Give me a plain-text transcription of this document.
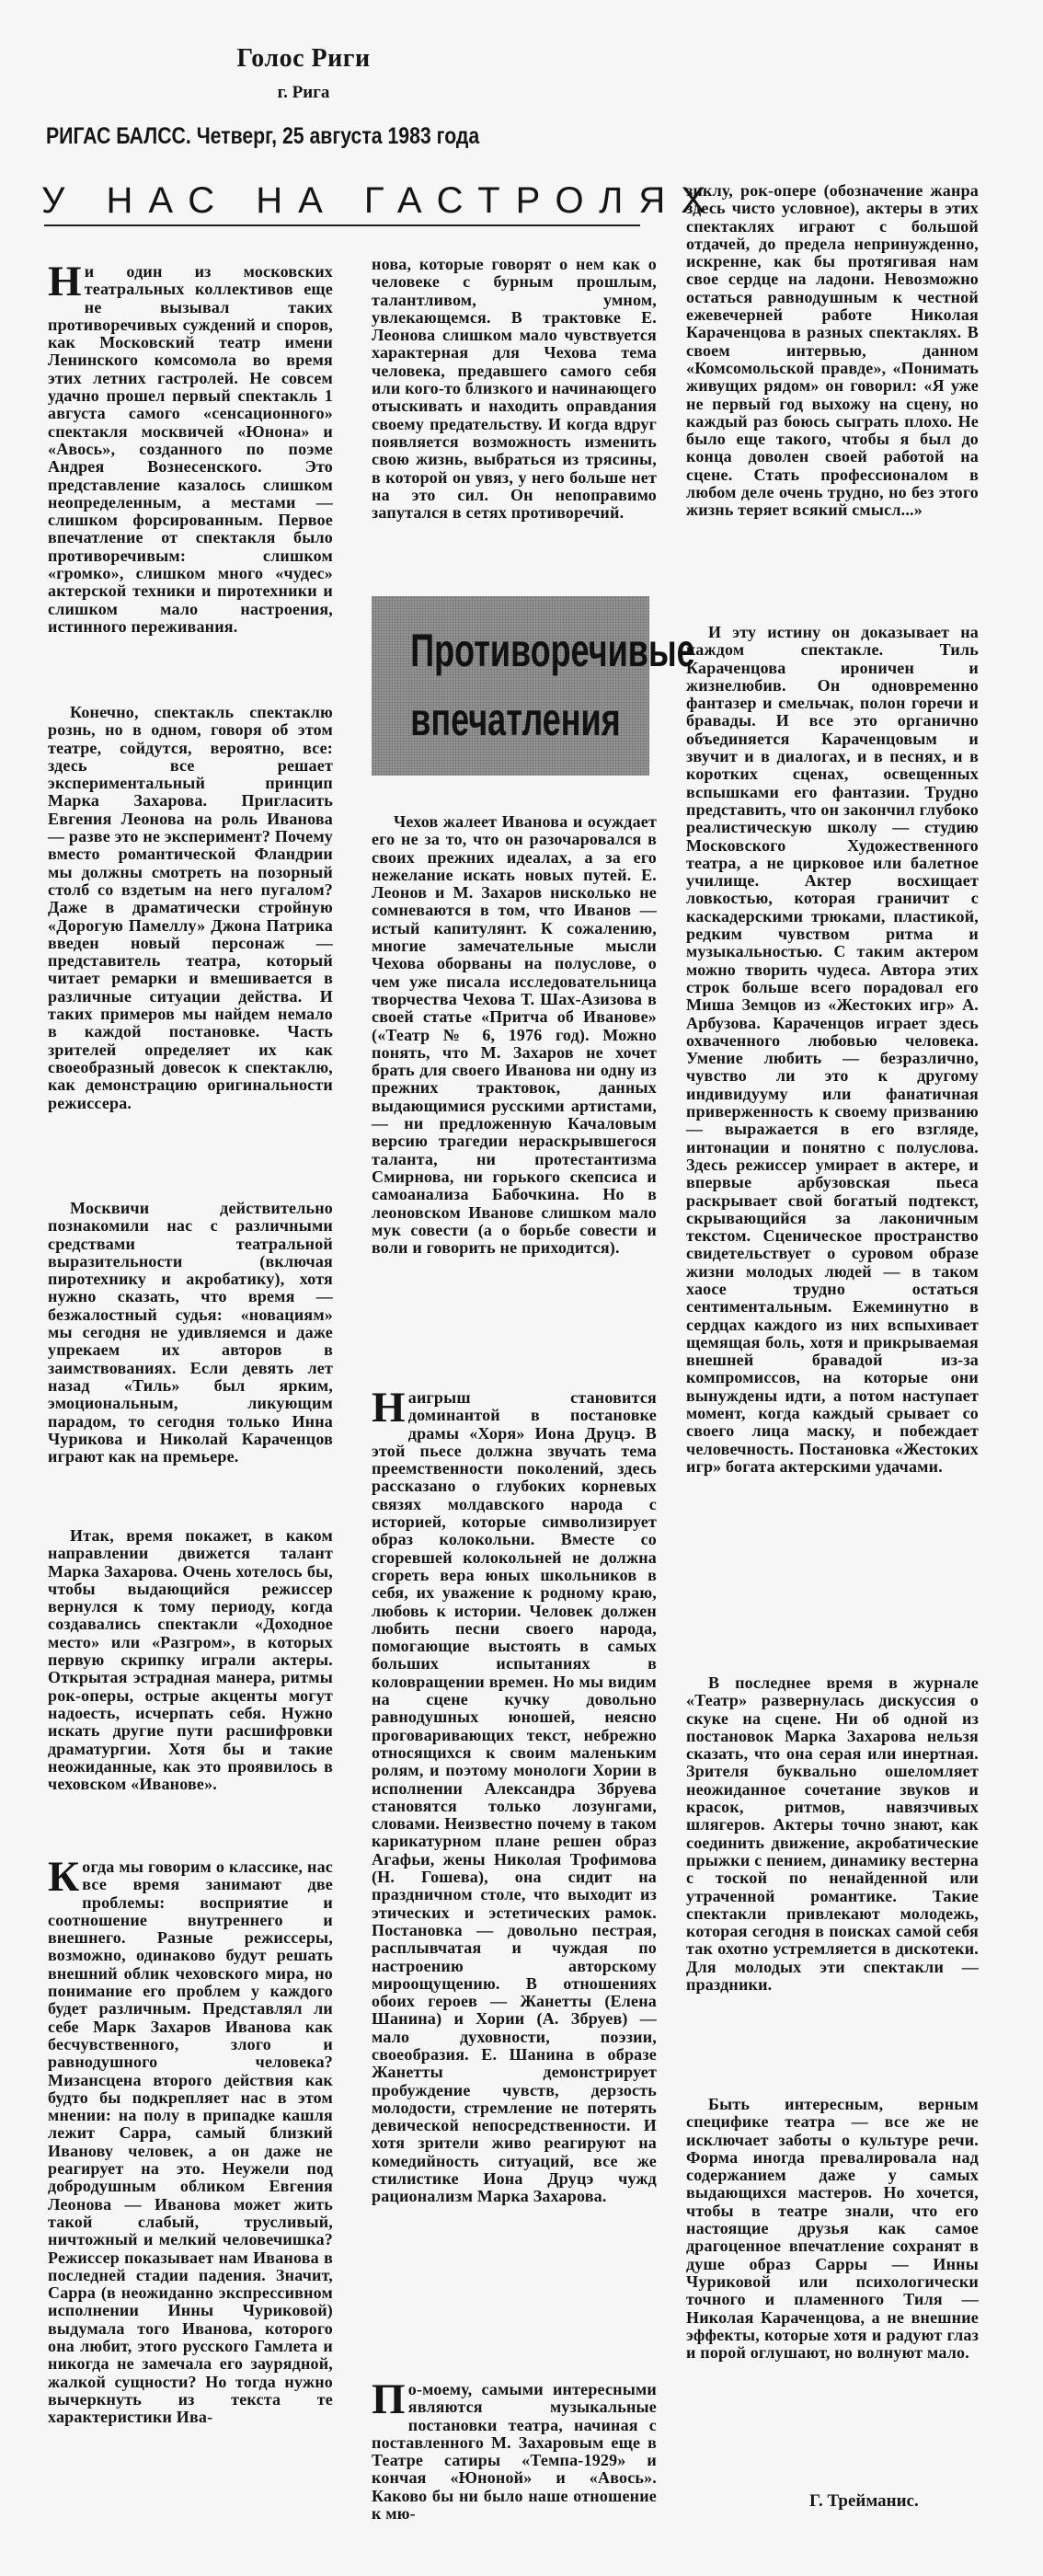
Голос Риги
г. Рига
РИГАС БАЛСС. Четверг, 25 августа 1983 года
У НАС НА ГАСТРОЛЯХ

Ни один из московских театральных коллективов еще не вызывал таких противоречивых суждений и споров, как Московский театр имени Ленинского комсомола во время этих летних гастролей. Не совсем удачно прошел первый спектакль 1 августа самого «сенсационного» спектакля москвичей «Юнона» и «Авось», созданного по поэме Андрея Вознесенского. Это представление казалось слишком неопределенным, а местами — слишком форсированным. Первое впечатление от спектакля было противоречивым: слишком «громко», слишком много «чудес» актерской техники и пиротехники и слишком мало настроения, истинного переживания.

Конечно, спектакль спектаклю рознь, но в одном, говоря об этом театре, сойдутся, вероятно, все: здесь все решает экспериментальный принцип Марка Захарова. Пригласить Евгения Леонова на роль Иванова — разве это не эксперимент? Почему вместо романтической Фландрии мы должны смотреть на позорный столб со вздетым на него пугалом? Даже в драматически стройную «Дорогую Памеллу» Джона Патрика введен новый персонаж — представитель театра, который читает ремарки и вмешивается в различные ситуации действа. И таких примеров мы найдем немало в каждой постановке. Часть зрителей определяет их как своеобразный довесок к спектаклю, как демонстрацию оригинальности режиссера.

Москвичи действительно познакомили нас с различными средствами театральной выразительности (включая пиротехнику и акробатику), хотя нужно сказать, что время — безжалостный судья: «новациям» мы сегодня не удивляемся и даже упрекаем их авторов в заимствованиях. Если девять лет назад «Тиль» был ярким, эмоциональным, ликующим парадом, то сегодня только Инна Чурикова и Николай Караченцов играют как на премьере.

Итак, время покажет, в каком направлении движется талант Марка Захарова. Очень хотелось бы, чтобы выдающийся режиссер вернулся к тому периоду, когда создавались спектакли «Доходное место» или «Разгром», в которых первую скрипку играли актеры. Открытая эстрадная манера, ритмы рок-оперы, острые акценты могут надоесть, исчерпать себя. Нужно искать другие пути расшифровки драматургии. Хотя бы и такие неожиданные, как это проявилось в чеховском «Иванове».

Когда мы говорим о классике, нас все время занимают две проблемы: восприятие и соотношение внутреннего и внешнего. Разные режиссеры, возможно, одинаково будут решать внешний облик чеховского мира, но понимание его проблем у каждого будет различным. Представлял ли себе Марк Захаров Иванова как бесчувственного, злого и равнодушного человека? Мизансцена второго действия как будто бы подкрепляет нас в этом мнении: на полу в припадке кашля лежит Сарра, самый близкий Иванову человек, а он даже не реагирует на это. Неужели под добродушным обликом Евгения Леонова — Иванова может жить такой слабый, трусливый, ничтожный и мелкий человечишка? Режиссер показывает нам Иванова в последней стадии падения. Значит, Сарра (в неожиданно экспрессивном исполнении Инны Чуриковой) выдумала того Иванова, которого она любит, этого русского Гамлета и никогда не замечала его заурядной, жалкой сущности? Но тогда нужно вычеркнуть из текста те характеристики Ива-

нова, которые говорят о нем как о человеке с бурным прошлым, талантливом, умном, увлекающемся. В трактовке Е. Леонова слишком мало чувствуется характерная для Чехова тема человека, предавшего самого себя или кого-то близкого и начинающего отыскивать и находить оправдания своему предательству. И когда вдруг появляется возможность изменить свою жизнь, выбраться из трясины, в которой он увяз, у него больше нет на это сил. Он непоправимо запутался в сетях противоречий.

Противоречивые
впечатления

Чехов жалеет Иванова и осуждает его не за то, что он разочаровался в своих прежних идеалах, а за его нежелание искать новых путей. Е. Леонов и М. Захаров нисколько не сомневаются в том, что Иванов — истый капитулянт. К сожалению, многие замечательные мысли Чехова оборваны на полуслове, о чем уже писала исследовательница творчества Чехова Т. Шах-Азизова в своей статье «Притча об Иванове» («Театр № 6, 1976 год). Можно понять, что М. Захаров не хочет брать для своего Иванова ни одну из прежних трактовок, данных выдающимися русскими артистами, — ни предложенную Качаловым версию трагедии нераскрывшегося таланта, ни протестантизма Смирнова, ни горького скепсиса и самоанализа Бабочкина. Но в леоновском Иванове слишком мало мук совести (а о борьбе совести и воли и говорить не приходится).

Наигрыш становится доминантой в постановке драмы «Хоря» Иона Друцэ. В этой пьесе должна звучать тема преемственности поколений, здесь рассказано о глубоких корневых связях молдавского народа с историей, которые символизирует образ колокольни. Вместе со сгоревшей колокольней не должна сгореть вера юных школьников в себя, их уважение к родному краю, любовь к истории. Человек должен любить песни своего народа, помогающие выстоять в самых больших испытаниях в коловращении времен. Но мы видим на сцене кучку довольно равнодушных юношей, неясно проговаривающих текст, небрежно относящихся к своим маленьким ролям, и поэтому монологи Хории в исполнении Александра Збруева становятся только лозунгами, словами. Неизвестно почему в таком карикатурном плане решен образ Агафьи, жены Николая Трофимова (Н. Гошева), она сидит на праздничном столе, что выходит из этических и эстетических рамок. Постановка — довольно пестрая, расплывчатая и чуждая по настроению авторскому мироощущению. В отношениях обоих героев — Жанетты (Елена Шанина) и Хории (А. Збруев) — мало духовности, поэзии, своеобразия. Е. Шанина в образе Жанетты демонстрирует пробуждение чувств, дерзость молодости, стремление не потерять девической непосредственности. И хотя зрители живо реагируют на комедийность ситуаций, все же стилистике Иона Друцэ чужд рационализм Марка Захарова.

По-моему, самыми интересными являются музыкальные постановки театра, начиная с поставленного М. Захаровым еще в Театре сатиры «Темпа-1929» и кончая «Юноной» и «Авось». Каково бы ни было наше отношение к мю-

зиклу, рок-опере (обозначение жанра здесь чисто условное), актеры в этих спектаклях играют с большой отдачей, до предела непринужденно, искренне, как бы протягивая нам свое сердце на ладони. Невозможно остаться равнодушным к честной ежевечерней работе Николая Караченцова в разных спектаклях. В своем интервью, данном «Комсомольской правде», «Понимать живущих рядом» он говорил: «Я уже не первый год выхожу на сцену, но каждый раз боюсь сыграть плохо. Не было еще такого, чтобы я был до конца доволен своей работой на сцене. Стать профессионалом в любом деле очень трудно, но без этого жизнь теряет всякий смысл...»

И эту истину он доказывает на каждом спектакле. Тиль Караченцова ироничен и жизнелюбив. Он одновременно фантазер и смельчак, полон горечи и бравады. И все это органично объединяется Караченцовым и звучит и в диалогах, и в песнях, и в коротких сценах, освещенных вспышками его фантазии. Трудно представить, что он закончил глубоко реалистическую школу — студию Московского Художественного театра, а не цирковое или балетное училище. Актер восхищает ловкостью, которая граничит с каскадерскими трюками, пластикой, редким чувством ритма и музыкальностью. С таким актером можно творить чудеса. Автора этих строк больше всего порадовал его Миша Земцов из «Жестоких игр» А. Арбузова. Караченцов играет здесь охваченного любовью человека. Умение любить — безразлично, чувство ли это к другому индивидууму или фанатичная приверженность к своему призванию — выражается в его взгляде, интонации и понятно с полуслова. Здесь режиссер умирает в актере, и впервые арбузовская пьеса раскрывает свой богатый подтекст, скрывающийся за лаконичным текстом. Сценическое пространство свидетельствует о суровом образе жизни молодых людей — в таком хаосе трудно остаться сентиментальным. Ежеминутно в сердцах каждого из них вспыхивает щемящая боль, хотя и прикрываемая внешней бравадой из-за компромиссов, на которые они вынуждены идти, а потом наступает момент, когда каждый срывает со своего лица маску, и побеждает человечность. Постановка «Жестоких игр» богата актерскими удачами.

В последнее время в журнале «Театр» развернулась дискуссия о скуке на сцене. Ни об одной из постановок Марка Захарова нельзя сказать, что она серая или инертная. Зрителя буквально ошеломляет неожиданное сочетание звуков и красок, ритмов, навязчивых шлягеров. Актеры точно знают, как соединить движение, акробатические прыжки с пением, динамику вестерна с тоской по ненайденной или утраченной романтике. Такие спектакли привлекают молодежь, которая сегодня в поисках самой себя так охотно устремляется в дискотеки. Для молодых эти спектакли — праздники.

Быть интересным, верным специфике театра — все же не исключает заботы о культуре речи. Форма иногда превалировала над содержанием даже у самых выдающихся мастеров. Но хочется, чтобы в театре знали, что его настоящие друзья как самое драгоценное впечатление сохранят в душе образ Сарры — Инны Чуриковой или психологически точного и пламенного Тиля — Николая Караченцова, а не внешние эффекты, которые хотя и радуют глаз и порой оглушают, но волнуют мало.

Г. Трейманис.
